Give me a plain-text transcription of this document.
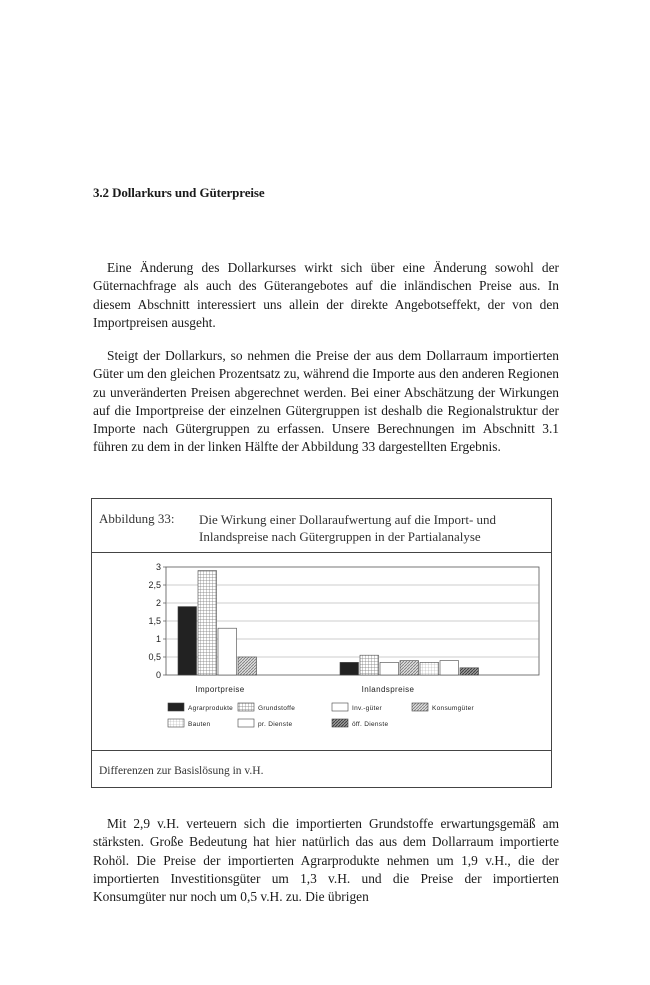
3.2 Dollarkurs und Güterpreise

Eine Änderung des Dollarkurses wirkt sich über eine Änderung sowohl der Güternachfrage als auch des Güterangebotes auf die inländischen Preise aus. In diesem Abschnitt interessiert uns allein der direkte Angebotseffekt, der von den Importpreisen ausgeht.

Steigt der Dollarkurs, so nehmen die Preise der aus dem Dollarraum importierten Güter um den gleichen Prozentsatz zu, während die Importe aus den anderen Regionen zu unveränderten Preisen abgerechnet werden. Bei einer Abschätzung der Wirkungen auf die Importpreise der einzelnen Gütergruppen ist deshalb die Regionalstruktur der Importe nach Gütergruppen zu erfassen. Unsere Berechnungen im Abschnitt 3.1 führen zu dem in der linken Hälfte der Abbildung 33 dargestellten Ergebnis.

Abbildung 33: Die Wirkung einer Dollaraufwertung auf die Import- und Inlandspreise nach Gütergruppen in der Partialanalyse
0
0,5
1
1,5
2
2,5
3
Importpreise	Inlandspreise
Agrarprodukte	Grundstoffe	Inv.-güter	Konsumgüter
Bauten	pr. Dienste	öff. Dienste
Differenzen zur Basislösung in v.H.

Mit 2,9 v.H. verteuern sich die importierten Grundstoffe erwartungsgemäß am stärksten. Große Bedeutung hat hier natürlich das aus dem Dollarraum importierte Rohöl. Die Preise der importierten Agrarprodukte nehmen um 1,9 v.H., die der importierten Investitionsgüter um 1,3 v.H. und die Preise der importierten Konsumgüter nur noch um 0,5 v.H. zu. Die übrigen
